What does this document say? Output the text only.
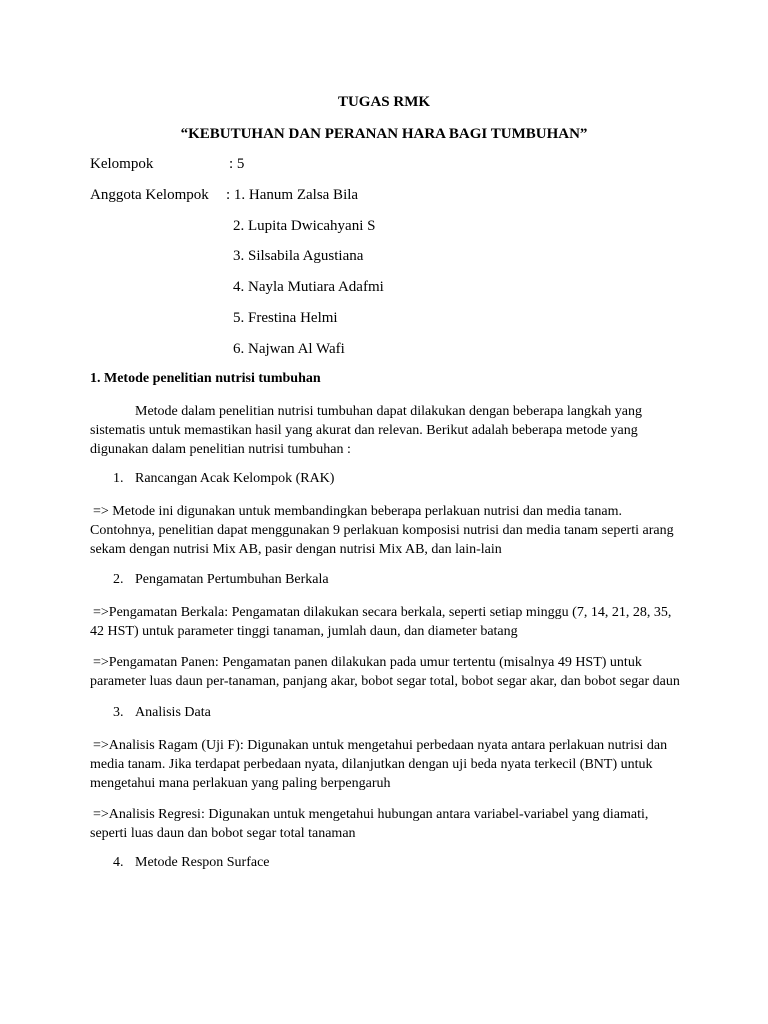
TUGAS RMK
“KEBUTUHAN DAN PERANAN HARA BAGI TUMBUHAN”
Kelompok	: 5
Anggota Kelompok : 1. Hanum Zalsa Bila
2. Lupita Dwicahyani S
3. Silsabila Agustiana
4. Nayla Mutiara Adafmi
5. Frestina Helmi
6. Najwan Al Wafi
1. Metode penelitian nutrisi tumbuhan
Metode dalam penelitian nutrisi tumbuhan dapat dilakukan dengan beberapa langkah yang
sistematis untuk memastikan hasil yang akurat dan relevan. Berikut adalah beberapa metode yang
digunakan dalam penelitian nutrisi tumbuhan :
1. Rancangan Acak Kelompok (RAK)
=> Metode ini digunakan untuk membandingkan beberapa perlakuan nutrisi dan media tanam.
Contohnya, penelitian dapat menggunakan 9 perlakuan komposisi nutrisi dan media tanam seperti arang
sekam dengan nutrisi Mix AB, pasir dengan nutrisi Mix AB, dan lain-lain
2. Pengamatan Pertumbuhan Berkala
=>Pengamatan Berkala: Pengamatan dilakukan secara berkala, seperti setiap minggu (7, 14, 21, 28, 35,
42 HST) untuk parameter tinggi tanaman, jumlah daun, dan diameter batang
=>Pengamatan Panen: Pengamatan panen dilakukan pada umur tertentu (misalnya 49 HST) untuk
parameter luas daun per-tanaman, panjang akar, bobot segar total, bobot segar akar, dan bobot segar daun
3. Analisis Data
=>Analisis Ragam (Uji F): Digunakan untuk mengetahui perbedaan nyata antara perlakuan nutrisi dan
media tanam. Jika terdapat perbedaan nyata, dilanjutkan dengan uji beda nyata terkecil (BNT) untuk
mengetahui mana perlakuan yang paling berpengaruh
=>Analisis Regresi: Digunakan untuk mengetahui hubungan antara variabel-variabel yang diamati,
seperti luas daun dan bobot segar total tanaman
4. Metode Respon Surface
